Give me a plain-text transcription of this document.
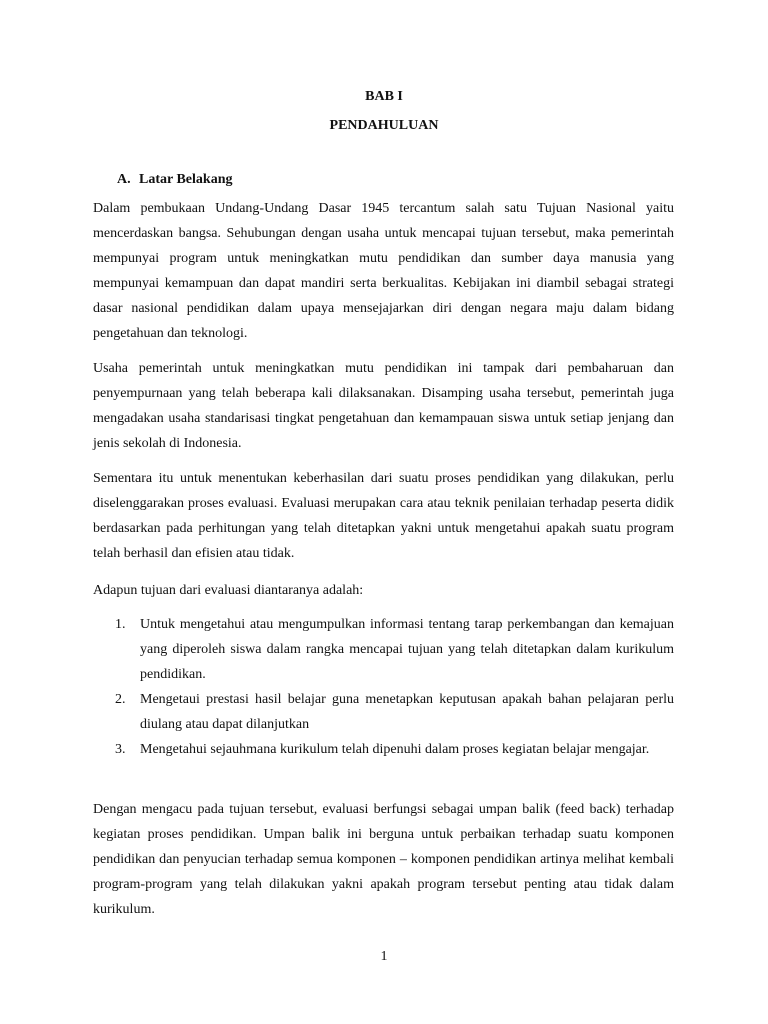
BAB I
PENDAHULUAN
A. Latar Belakang

Dalam pembukaan Undang-Undang Dasar 1945 tercantum salah satu Tujuan Nasional yaitu mencerdaskan bangsa. Sehubungan dengan usaha untuk mencapai tujuan tersebut, maka pemerintah mempunyai program untuk meningkatkan mutu pendidikan dan sumber daya manusia yang mempunyai kemampuan dan dapat mandiri serta berkualitas. Kebijakan ini diambil sebagai strategi dasar nasional pendidikan dalam upaya mensejajarkan diri dengan negara maju dalam bidang pengetahuan dan teknologi.

Usaha pemerintah untuk meningkatkan mutu pendidikan ini tampak dari pembaharuan dan penyempurnaan yang telah beberapa kali dilaksanakan. Disamping usaha tersebut, pemerintah juga mengadakan usaha standarisasi tingkat pengetahuan dan kemampauan siswa untuk setiap jenjang dan jenis sekolah di Indonesia.

Sementara itu untuk menentukan keberhasilan dari suatu proses pendidikan yang dilakukan, perlu diselenggarakan proses evaluasi. Evaluasi merupakan cara atau teknik penilaian terhadap peserta didik berdasarkan pada perhitungan yang telah ditetapkan yakni untuk mengetahui apakah suatu program telah berhasil dan efisien atau tidak.

Adapun tujuan dari evaluasi diantaranya adalah:

1. Untuk mengetahui atau mengumpulkan informasi tentang tarap perkembangan dan kemajuan yang diperoleh siswa dalam rangka mencapai tujuan yang telah ditetapkan dalam kurikulum pendidikan.
2. Mengetaui prestasi hasil belajar guna menetapkan keputusan apakah bahan pelajaran perlu diulang atau dapat dilanjutkan
3. Mengetahui sejauhmana kurikulum telah dipenuhi dalam proses kegiatan belajar mengajar.

Dengan mengacu pada tujuan tersebut, evaluasi berfungsi sebagai umpan balik (feed back) terhadap kegiatan proses pendidikan. Umpan balik ini berguna untuk perbaikan terhadap suatu komponen pendidikan dan penyucian terhadap semua komponen – komponen pendidikan artinya melihat kembali program-program yang telah dilakukan yakni apakah program tersebut penting atau tidak dalam kurikulum.

1
